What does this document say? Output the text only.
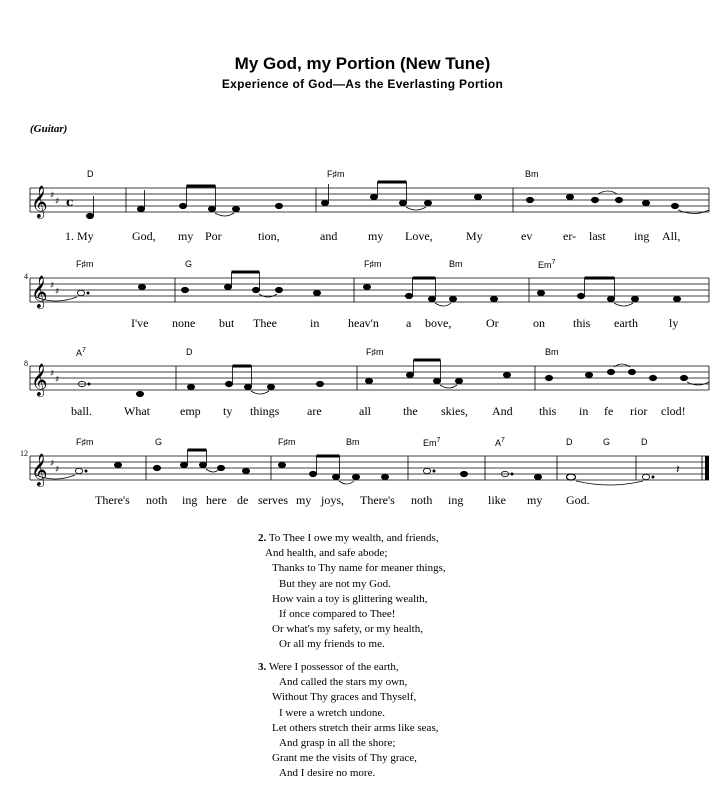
My God, my Portion (New Tune)
Experience of God—As the Everlasting Portion
(Guitar)
𝄞 ♯
♯ c
D	F♯m	Bm
1. My	God, my Por	tion,	and	my Love,	My	ev	er- last ing All,
4 𝄞 ♯
♯
F♯m	G	F♯m	Bm	Em$^7$
I've none but Thee	in heav'n a bove,	Or	on this earth	ly
8 𝄞 ♯
♯
$A^7$	D	F♯m	Bm
ball.	What	emp ty things are	all	the skies, And this in fe rior clod!
12 𝄞 ♯
♯	𝄽
F♯m	G	F♯m	Bm	Em$^7$	$A^7$	D	G	D
There's noth ing here de serves my joys, There's noth ing like my God.
2. To Thee I owe my wealth, and friends,
And health, and safe abode;
Thanks to Thy name for meaner things,
But they are not my God.
How vain a toy is glittering wealth,
If once compared to Thee!
Or what's my safety, or my health,
Or all my friends to me.
3. Were I possessor of the earth,
And called the stars my own,
Without Thy graces and Thyself,
I were a wretch undone.
Let others stretch their arms like seas,
And grasp in all the shore;
Grant me the visits of Thy grace,
And I desire no more.
